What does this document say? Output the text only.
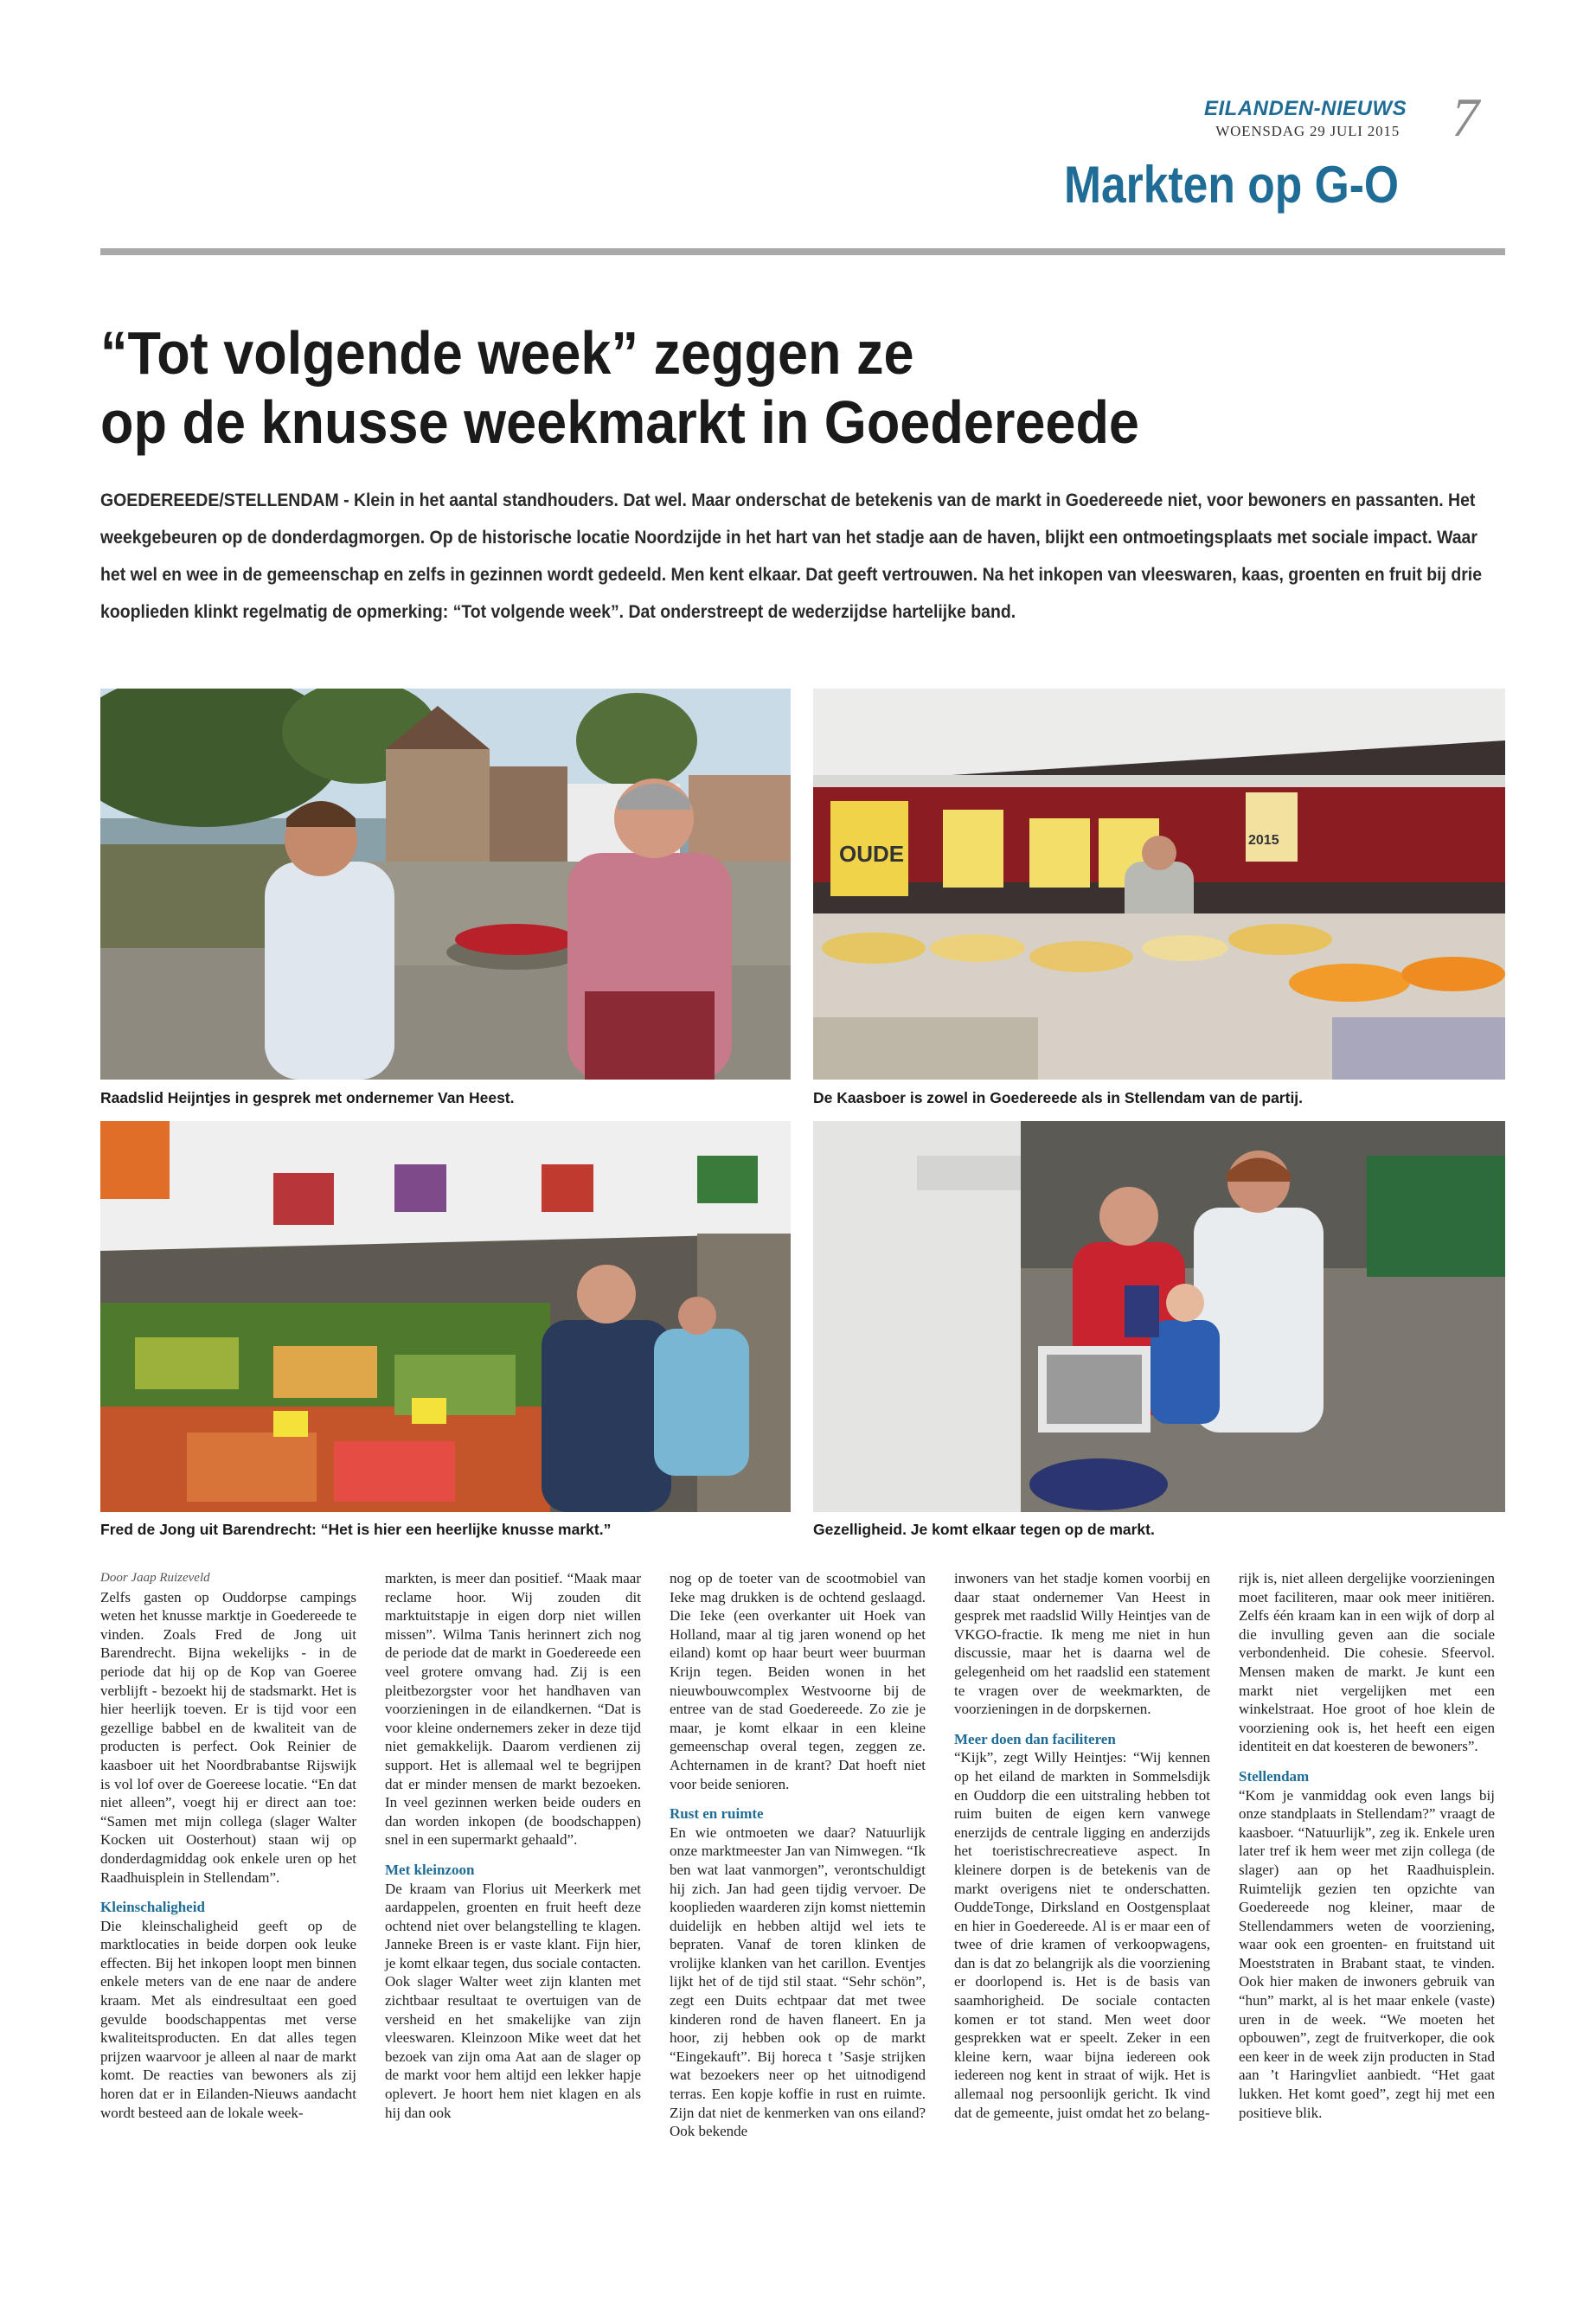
EILANDEN-NIEUWS
WOENSDAG 29 JULI 2015 7
Markten op G-O
“Tot volgende week” zeggen ze
op de knusse weekmarkt in Goedereede

GOEDEREEDE/STELLENDAM - Klein in het aantal standhouders. Dat wel. Maar onderschat de betekenis van de markt in Goedereede niet, voor bewoners en passanten. Het weekgebeuren op de donderdagmorgen. Op de historische locatie Noordzijde in het hart van het stadje aan de haven, blijkt een ontmoetingsplaats met sociale impact. Waar het wel en wee in de gemeenschap en zelfs in gezinnen wordt gedeeld. Men kent elkaar. Dat geeft vertrouwen. Na het inkopen van vleeswaren, kaas, groenten en fruit bij drie kooplieden klinkt regelmatig de opmerking: “Tot volgende week”. Dat onderstreept de wederzijdse hartelijke band.

Raadslid Heijntjes in gesprek met ondernemer Van Heest.
OUDE
2015
De Kaasboer is zowel in Goedereede als in Stellendam van de partij.
Fred de Jong uit Barendrecht: “Het is hier een heerlijke knusse markt.”	Gezelligheid. Je komt elkaar tegen op de markt.

Door Jaap Ruizeveld

Zelfs gasten op Ouddorpse campings weten het knusse marktje in Goedereede te vinden. Zoals Fred de Jong uit Barendrecht. Bijna wekelijks - in de periode dat hij op de Kop van Goeree verblijft - bezoekt hij de stadsmarkt. Het is hier heerlijk toeven. Er is tijd voor een gezellige babbel en de kwaliteit van de producten is perfect. Ook Reinier de kaasboer uit het Noordbrabantse Rijswijk is vol lof over de Goereese locatie. “En dat niet alleen”, voegt hij er direct aan toe: “Samen met mijn collega (slager Walter Kocken uit Oosterhout) staan wij op donderdagmiddag ook enkele uren op het Raadhuisplein in Stellendam”.

Kleinschaligheid

Die kleinschaligheid geeft op de marktlocaties in beide dorpen ook leuke effecten. Bij het inkopen loopt men binnen enkele meters van de ene naar de andere kraam. Met als eindresultaat een goed gevulde boodschappentas met verse kwaliteitsproducten. En dat alles tegen prijzen waarvoor je alleen al naar de markt komt. De reacties van bewoners als zij horen dat er in Eilanden-Nieuws aandacht wordt besteed aan de lokale week-

markten, is meer dan positief. “Maak maar reclame hoor. Wij zouden dit marktuitstapje in eigen dorp niet willen missen”. Wilma Tanis herinnert zich nog de periode dat de markt in Goedereede een veel grotere omvang had. Zij is een pleitbezorgster voor het handhaven van voorzieningen in de eilandkernen. “Dat is voor kleine ondernemers zeker in deze tijd niet gemakkelijk. Daarom verdienen zij support. Het is allemaal wel te begrijpen dat er minder mensen de markt bezoeken. In veel gezinnen werken beide ouders en dan worden inkopen (de boodschappen) snel in een supermarkt gehaald”.

Met kleinzoon

De kraam van Florius uit Meerkerk met aardappelen, groenten en fruit heeft deze ochtend niet over belangstelling te klagen. Janneke Breen is er vaste klant. Fijn hier, je komt elkaar tegen, dus sociale contacten. Ook slager Walter weet zijn klanten met zichtbaar resultaat te overtuigen van de versheid en het smakelijke van zijn vleeswaren. Kleinzoon Mike weet dat het bezoek van zijn oma Aat aan de slager op de markt voor hem altijd een lekker hapje oplevert. Je hoort hem niet klagen en als hij dan ook

nog op de toeter van de scootmobiel van Ieke mag drukken is de ochtend geslaagd. Die Ieke (een overkanter uit Hoek van Holland, maar al tig jaren wonend op het eiland) komt op haar beurt weer buurman Krijn tegen. Beiden wonen in het nieuwbouwcomplex Westvoorne bij de entree van de stad Goedereede. Zo zie je maar, je komt elkaar in een kleine gemeenschap overal tegen, zeggen ze. Achternamen in de krant? Dat hoeft niet voor beide senioren.

Rust en ruimte

En wie ontmoeten we daar? Natuurlijk onze marktmeester Jan van Nimwegen. “Ik ben wat laat vanmorgen”, verontschuldigt hij zich. Jan had geen tijdig vervoer. De kooplieden waarderen zijn komst niettemin duidelijk en hebben altijd wel iets te bepraten. Vanaf de toren klinken de vrolijke klanken van het carillon. Eventjes lijkt het of de tijd stil staat. “Sehr schön”, zegt een Duits echtpaar dat met twee kinderen rond de haven flaneert. En ja hoor, zij hebben ook op de markt “Eingekauft”. Bij horeca t ’Sasje strijken wat bezoekers neer op het uitnodigend terras. Een kopje koffie in rust en ruimte. Zijn dat niet de kenmerken van ons eiland? Ook bekende

inwoners van het stadje komen voorbij en daar staat ondernemer Van Heest in gesprek met raadslid Willy Heintjes van de VKGO-fractie. Ik meng me niet in hun discussie, maar het is daarna wel de gelegenheid om het raadslid een statement te vragen over de weekmarkten, de voorzieningen in de dorpskernen.

Meer doen dan faciliteren

“Kijk”, zegt Willy Heintjes: “Wij kennen op het eiland de markten in Sommelsdijk en Ouddorp die een uitstraling hebben tot ruim buiten de eigen kern vanwege enerzijds de centrale ligging en anderzijds het toeristischrecreatieve aspect. In kleinere dorpen is de betekenis van de markt overigens niet te onderschatten. OuddeTonge, Dirksland en Oostgensplaat en hier in Goedereede. Al is er maar een of twee of drie kramen of verkoopwagens, dan is dat zo belangrijk als die voorziening er doorlopend is. Het is de basis van saamhorigheid. De sociale contacten komen er tot stand. Men weet door gesprekken wat er speelt. Zeker in een kleine kern, waar bijna iedereen ook iedereen nog kent in straat of wijk. Het is allemaal nog persoonlijk gericht. Ik vind dat de gemeente, juist omdat het zo belang-

rijk is, niet alleen dergelijke voorzieningen moet faciliteren, maar ook meer initiëren. Zelfs één kraam kan in een wijk of dorp al die invulling geven aan die sociale verbondenheid. Die cohesie. Sfeervol. Mensen maken de markt. Je kunt een markt niet vergelijken met een winkelstraat. Hoe groot of hoe klein de voorziening ook is, het heeft een eigen identiteit en dat koesteren de bewoners”.

Stellendam

“Kom je vanmiddag ook even langs bij onze standplaats in Stellendam?” vraagt de kaasboer. “Natuurlijk”, zeg ik. Enkele uren later tref ik hem weer met zijn collega (de slager) aan op het Raadhuisplein. Ruimtelijk gezien ten opzichte van Goedereede nog kleiner, maar de Stellendammers weten de voorziening, waar ook een groenten- en fruitstand uit Moeststraten in Brabant staat, te vinden. Ook hier maken de inwoners gebruik van “hun” markt, al is het maar enkele (vaste) uren in de week. “We moeten het opbouwen”, zegt de fruitverkoper, die ook een keer in de week zijn producten in Stad aan ’t Haringvliet aanbiedt. “Het gaat lukken. Het komt goed”, zegt hij met een positieve blik.
